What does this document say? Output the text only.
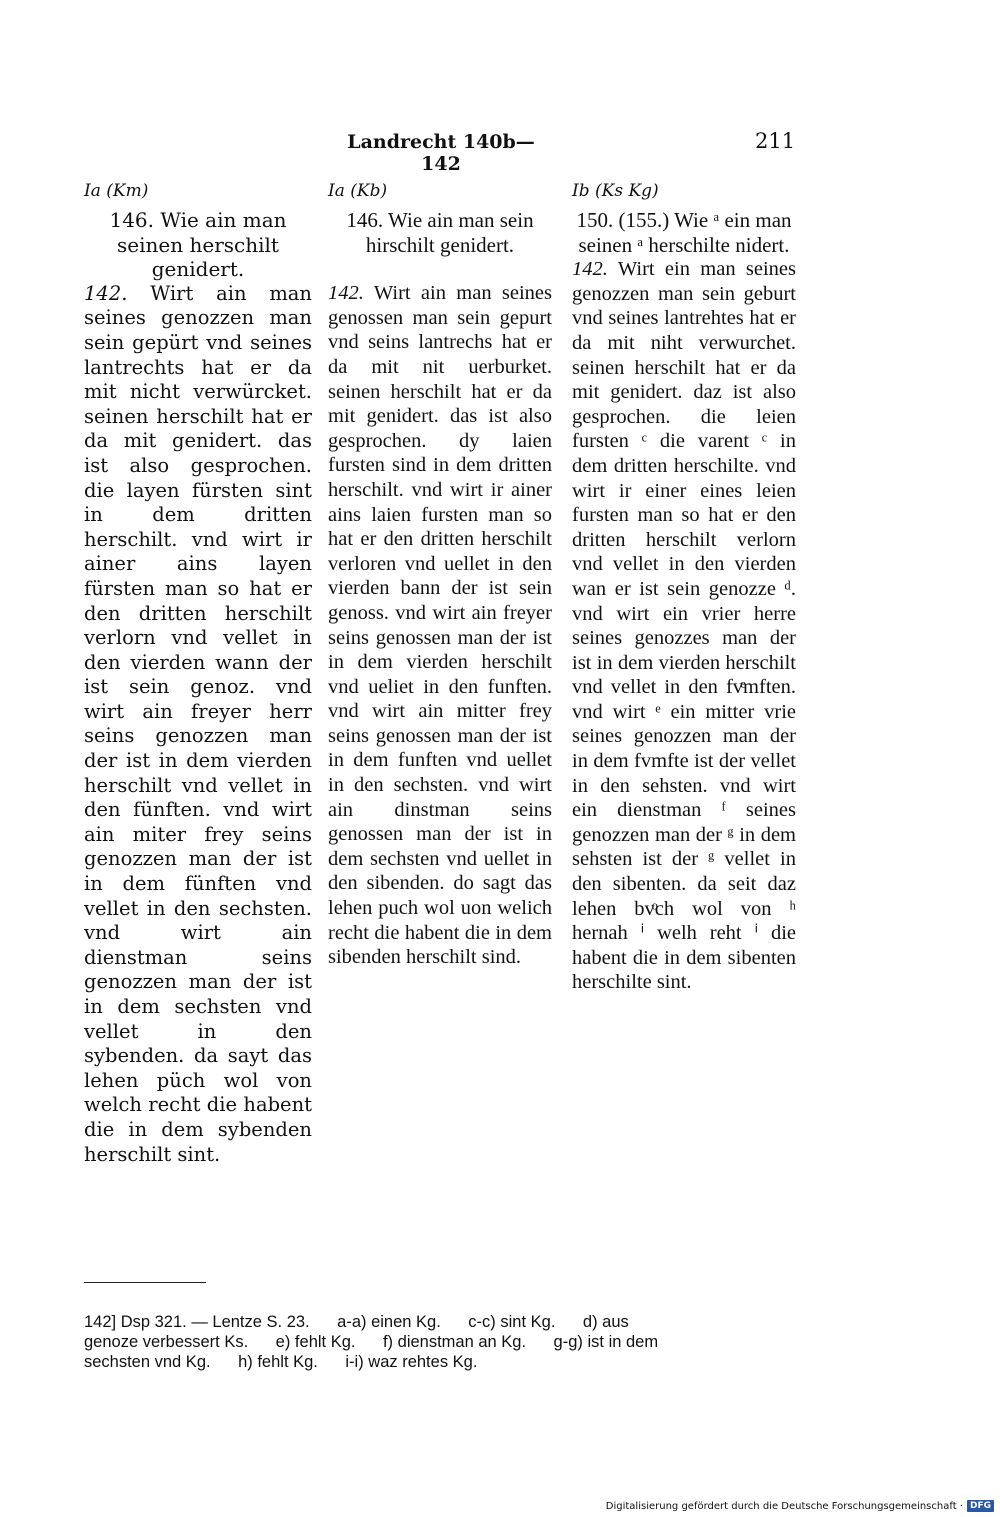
Landrecht 140b—142
211
Ia (Km)

146. Wie ain man seinen herschilt genidert.

142. Wirt ain man seines genozzen man sein gepürt vnd seines lantrechts hat er da mit nicht verwürcket. seinen herschilt hat er da mit genidert. das ist also gesprochen. die layen fürsten sint in dem dritten herschilt. vnd wirt ir ainer ains layen fürsten man so hat er den dritten herschilt verlorn vnd vellet in den vierden wann der ist sein genoz. vnd wirt ain freyer herr seins genozzen man der ist in dem vierden herschilt vnd vellet in den fünften. vnd wirt ain miter frey seins genozzen man der ist in dem fünften vnd vellet in den sechsten. vnd wirt ain dienstman seins genozzen man der ist in dem sechsten vnd vellet in den sybenden. da sayt das lehen püch wol von welch recht die habent die in dem sybenden herschilt sint.

Ia (Kb)

146. Wie ain man sein hirschilt genidert.

142. Wirt ain man seines genossen man sein gepurt vnd seins lantrechs hat er da mit nit uerburket. seinen herschilt hat er da mit genidert. das ist also gesprochen. dy laien fursten sind in dem dritten herschilt. vnd wirt ir ainer ains laien fursten man so hat er den dritten herschilt verloren vnd uellet in den vierden bann der ist sein genoss. vnd wirt ain freyer seins genossen man der ist in dem vierden herschilt vnd ueliet in den funften. vnd wirt ain mitter frey seins genossen man der ist in dem funften vnd uellet in den sechsten. vnd wirt ain dinstman seins genossen man der ist in dem sechsten vnd uellet in den sibenden. do sagt das lehen puch wol uon welich recht die habent die in dem sibenden herschilt sind.

Ib (Ks Kg)

150. (155.) Wie ᵃ ein man seinen ᵃ herschilte nidert.

142. Wirt ein man seines genozzen man sein geburt vnd seines lantrehtes hat er da mit niht verwurchet. seinen herschilt hat er da mit genidert. daz ist also gesprochen. die leien fursten ᶜ die varent ᶜ in dem dritten herschilte. vnd wirt ir einer eines leien fursten man so hat er den dritten herschilt verlorn vnd vellet in den vierden wan er ist sein genozze ᵈ. vnd wirt ein vrier herre seines genozzes man der ist in dem vierden herschilt vnd vellet in den fvͤmften. vnd wirt ᵉ ein mitter vrie seines genozzen man der in dem fvmfte ist der vellet in den sehsten. vnd wirt ein dienstman ᶠ seines genozzen man der ᵍ in dem sehsten ist der ᵍ vellet in den sibenten. da seit daz lehen bvͦch wol von ʰ hernah ⁱ welh reht ⁱ die habent die in dem sibenten herschilte sint.

142] Dsp 321. — Lentze S. 23.      a-a) einen Kg.      c-c) sint Kg.      d) aus

genoze verbessert Ks.      e) fehlt Kg.      f) dienstman an Kg.      g-g) ist in dem

sechsten vnd Kg.      h) fehlt Kg.      i-i) waz rehtes Kg.

Digitalisierung gefördert durch die Deutsche Forschungsgemeinschaft · DFG
